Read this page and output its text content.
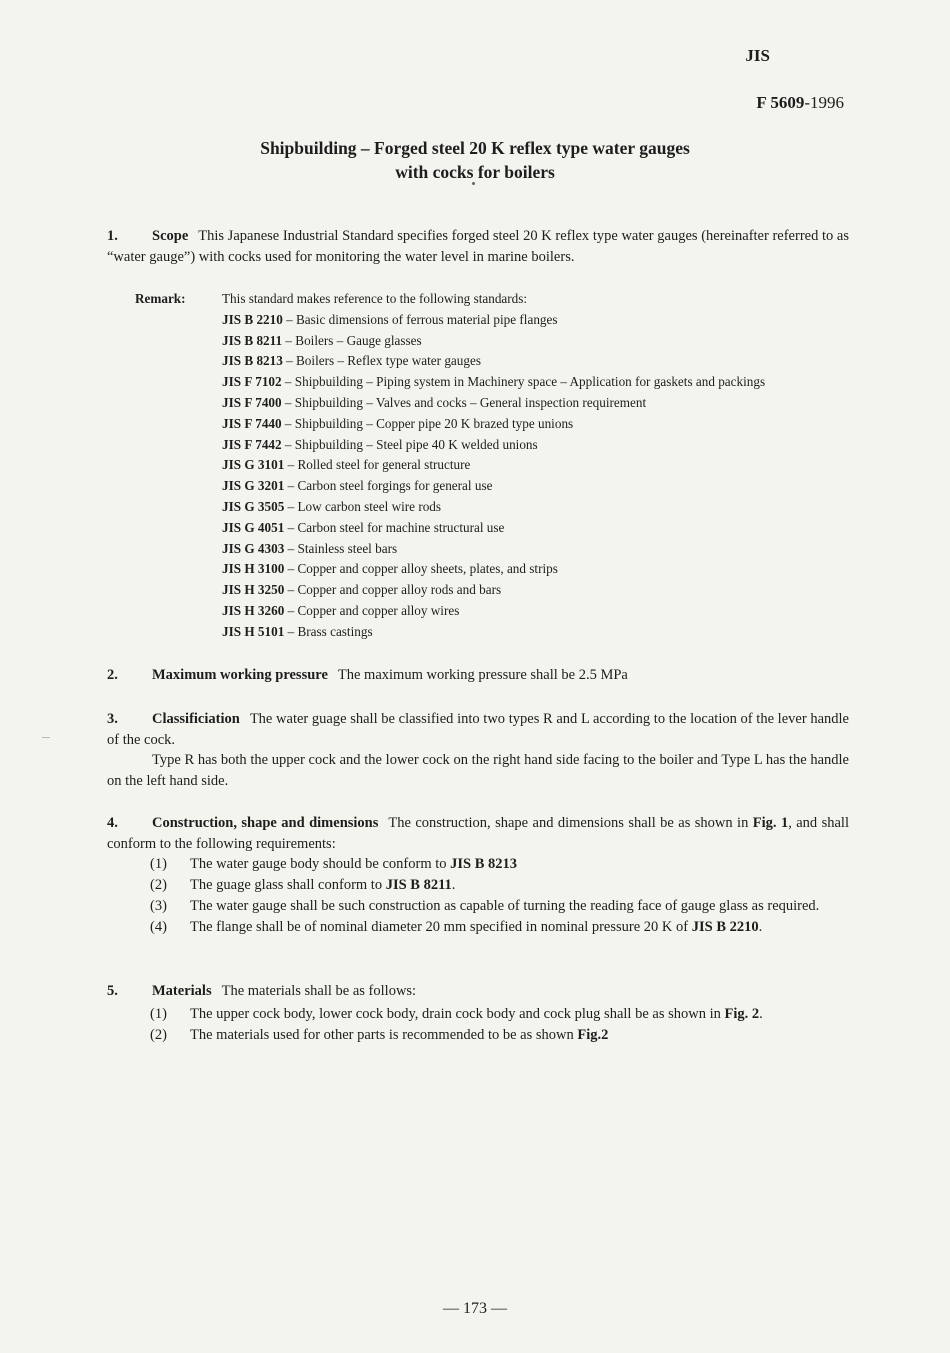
JIS
F 5609-1996
Shipbuilding – Forged steel 20 K reflex type water gauges
with cocks for boilers
1. Scope This Japanese Industrial Standard specifies forged steel 20 K reflex type water gauges (hereinafter referred to as “water gauge”) with cocks used for monitoring the water level in marine boilers.
Remark:	This standard makes reference to the following standards:
JIS B 2210 – Basic dimensions of ferrous material pipe flanges
JIS B 8211 – Boilers – Gauge glasses
JIS B 8213 – Boilers – Reflex type water gauges
JIS F 7102 – Shipbuilding – Piping system in Machinery space – Application for gaskets and packings
JIS F 7400 – Shipbuilding – Valves and cocks – General inspection requirement
JIS F 7440 – Shipbuilding – Copper pipe 20 K brazed type unions
JIS F 7442 – Shipbuilding – Steel pipe 40 K welded unions
JIS G 3101 – Rolled steel for general structure
JIS G 3201 – Carbon steel forgings for general use
JIS G 3505 – Low carbon steel wire rods
JIS G 4051 – Carbon steel for machine structural use
JIS G 4303 – Stainless steel bars
JIS H 3100 – Copper and copper alloy sheets, plates, and strips
JIS H 3250 – Copper and copper alloy rods and bars
JIS H 3260 – Copper and copper alloy wires
JIS H 5101 – Brass castings
2. Maximum working pressure The maximum working pressure shall be 2.5 MPa
3. Classificiation The water guage shall be classified into two types R and L according to the location of the lever handle of the cock.
Type R has both the upper cock and the lower cock on the right hand side facing to the boiler and Type L has the handle on the left hand side.
4. Construction, shape and dimensions The construction, shape and dimensions shall be as shown in Fig. 1, and shall conform to the following requirements:
(1) The water gauge body should be conform to JIS B 8213
(2) The guage glass shall conform to JIS B 8211.
(3) The water gauge shall be such construction as capable of turning the reading face of gauge glass as required.
(4) The flange shall be of nominal diameter 20 mm specified in nominal pressure 20 K of JIS B 2210.
5. Materials The materials shall be as follows:
(1) The upper cock body, lower cock body, drain cock body and cock plug shall be as shown in Fig. 2.
(2) The materials used for other parts is recommended to be as shown Fig.2
— 173 —
